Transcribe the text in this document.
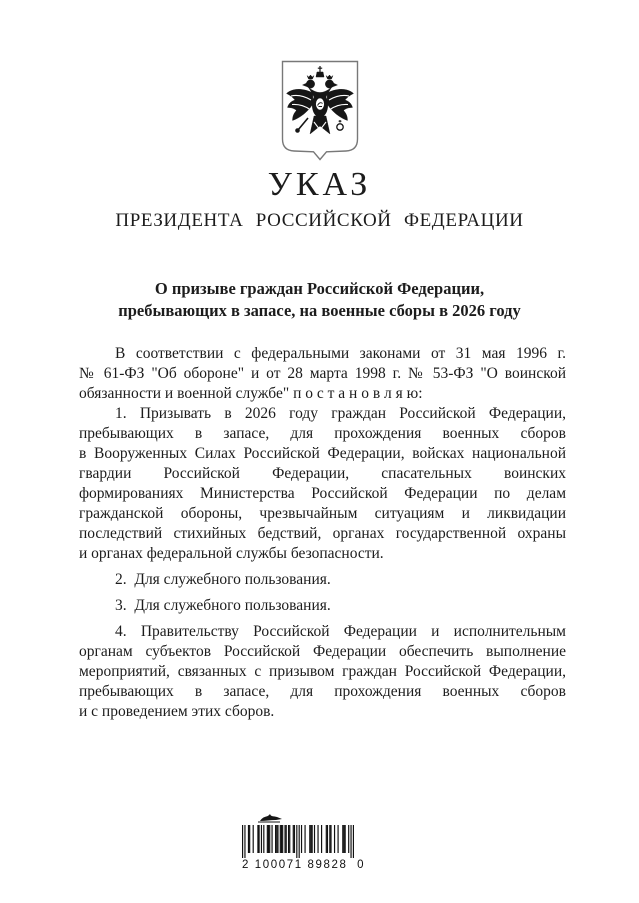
УКАЗ
ПРЕЗИДЕНТА РОССИЙСКОЙ ФЕДЕРАЦИИ
О призыве граждан Российской Федерации,
пребывающих в запасе, на военные сборы в 2026 году
В соответствии с федеральными законами от 31 мая 1996 г.
№ 61-ФЗ "Об обороне" и от 28 марта 1998 г. № 53-ФЗ "О воинской
обязанности и военной службе" п о с т а н о в л я ю:
1. Призывать в 2026 году граждан Российской Федерации,
пребывающих в запасе, для прохождения военных сборов
в Вооруженных Силах Российской Федерации, войсках национальной
гвардии Российской Федерации, спасательных воинских
формированиях Министерства Российской Федерации по делам
гражданской обороны, чрезвычайным ситуациям и ликвидации
последствий стихийных бедствий, органах государственной охраны
и органах федеральной службы безопасности.
2.  Для служебного пользования.
3.  Для служебного пользования.
4. Правительству Российской Федерации и исполнительным
органам субъектов Российской Федерации обеспечить выполнение
мероприятий, связанных с призывом граждан Российской Федерации,
пребывающих в запасе, для прохождения военных сборов
и с проведением этих сборов.
2 100071 89828  0
